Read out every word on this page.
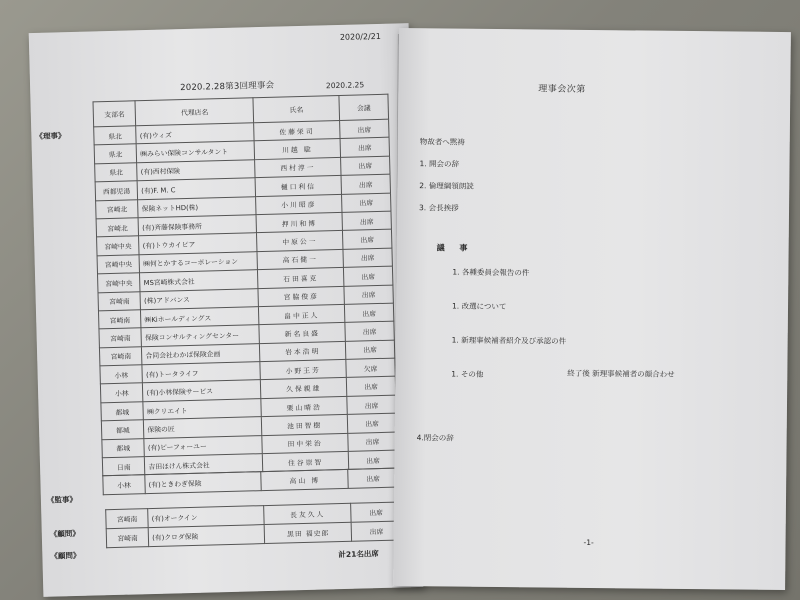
2020/2/21
2020.2.28第3回理事会	2020.2.25
《理事》
支部名	代理店名	氏名	会議
県北	(有)ウィズ	佐藤栄司	出席
県北	㈱みらい保険コンサルタント	川越 聡	出席
県北	(有)西村保険	西村淳一	出席
西都児湯	(有)F. M. C	樋口利信	出席
宮崎北	保険ネットHD(株)	小川昭彦	出席
宮崎北	(有)斉藤保険事務所	押川和博	出席
宮崎中央	(有)トウカイピア	中原公一	出席
宮崎中央	㈱何とかするコーポレーション	高石健一	出席
宮崎中央	MS宮崎株式会社	石田喜克	出席
宮崎南	(株)アドバンス	宮脇俊彦	出席
宮崎南	㈱Kiホールディングス	畠中正人	出席
宮崎南	保険コンサルティングセンター	新名良盛	出席
宮崎南	合同会社わかば保険企画	岩本浩明	出席
小林	(有)トータライフ	小野王芳	欠席
小林	(有)小林保険サービス	久保親雄	出席
都城	㈱クリエイト	栗山晴浩	出席
都城	保険の匠	池田智樹	出席
都城	(有)ピーフォーユー	田中栄治	出席
日南	吉田ほけん株式会社	住谷崇智	出席
《監事》
小林	(有)ときわぎ保険	高山 博	出席
《顧問》
《顧問》
宮崎南	(有)オークイン	長友久人	出席
宮崎南	(有)クロダ保険	黒田 福史郎	出席
計21名出席
理事会次第
物故者へ黙祷
1. 開会の辞
2. 倫理綱領朗読
3. 会長挨拶
議 事
1. 各種委員会報告の件
1. 改選について
1. 新理事候補者紹介及び承認の件
1. その他	終了後 新理事候補者の顔合わせ
4.閉会の辞
-1-
